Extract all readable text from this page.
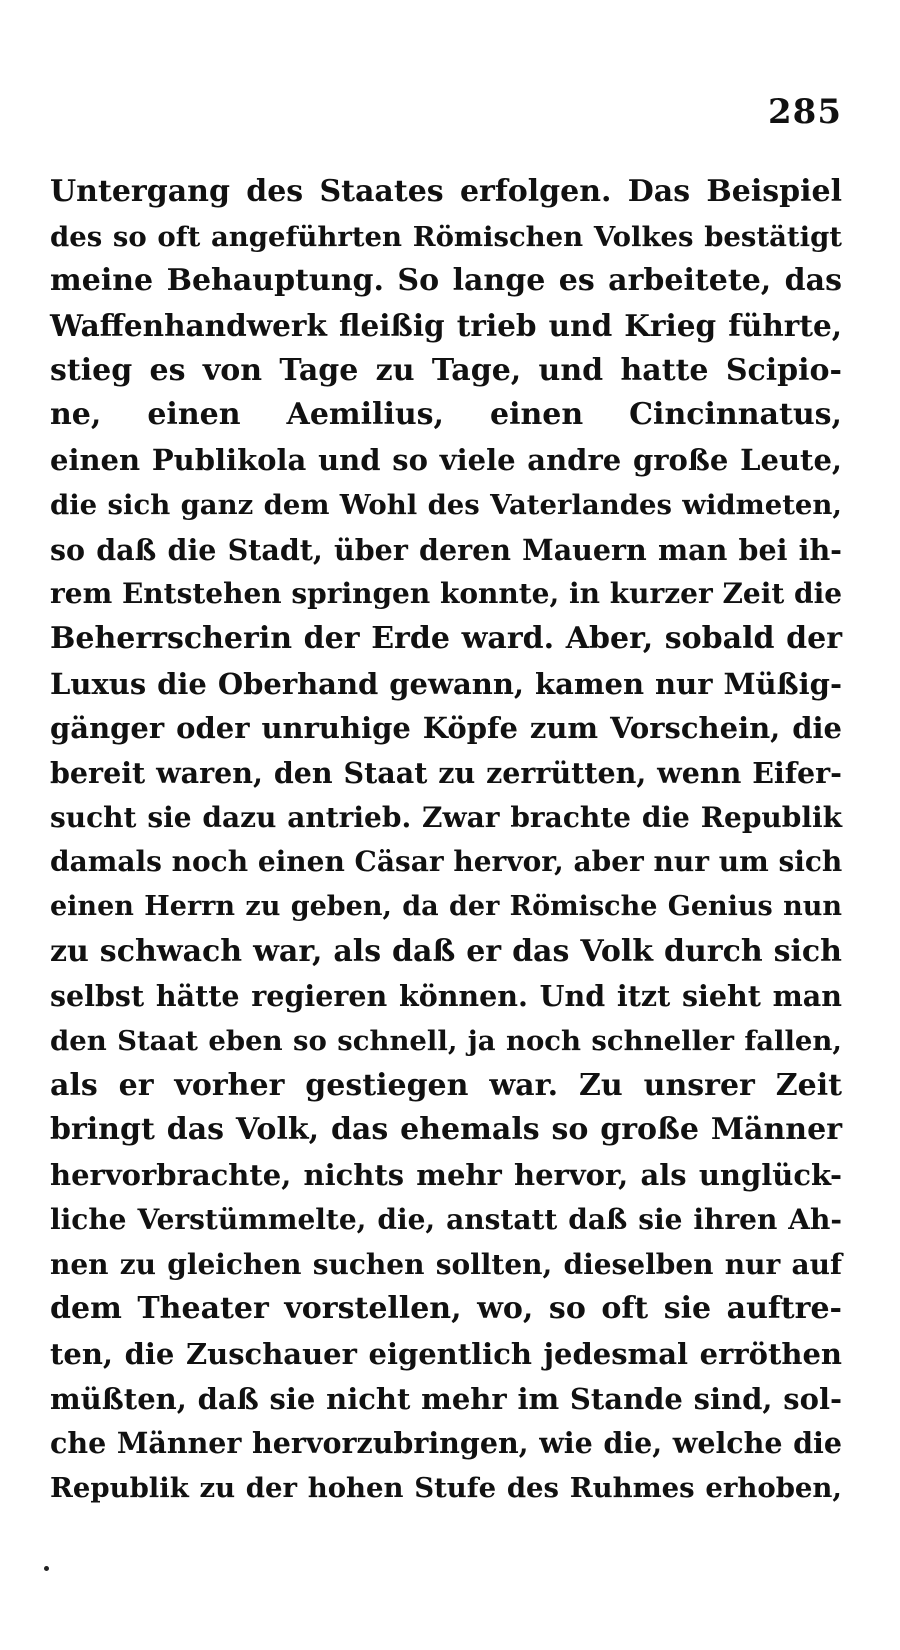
285
Untergang des Staates erfolgen. Das Beispiel
des so oft angeführten Römischen Volkes bestätigt
meine Behauptung. So lange es arbeitete, das
Waffenhandwerk fleißig trieb und Krieg führte,
stieg es von Tage zu Tage, und hatte Scipio-
ne, einen Aemilius, einen Cincinnatus,
einen Publikola und so viele andre große Leute,
die sich ganz dem Wohl des Vaterlandes widmeten,
so daß die Stadt, über deren Mauern man bei ih-
rem Entstehen springen konnte, in kurzer Zeit die
Beherrscherin der Erde ward. Aber, sobald der
Luxus die Oberhand gewann, kamen nur Müßig-
gänger oder unruhige Köpfe zum Vorschein, die
bereit waren, den Staat zu zerrütten, wenn Eifer-
sucht sie dazu antrieb. Zwar brachte die Republik
damals noch einen Cäsar hervor, aber nur um sich
einen Herrn zu geben, da der Römische Genius nun
zu schwach war, als daß er das Volk durch sich
selbst hätte regieren können. Und itzt sieht man
den Staat eben so schnell, ja noch schneller fallen,
als er vorher gestiegen war. Zu unsrer Zeit
bringt das Volk, das ehemals so große Männer
hervorbrachte, nichts mehr hervor, als unglück-
liche Verstümmelte, die, anstatt daß sie ihren Ah-
nen zu gleichen suchen sollten, dieselben nur auf
dem Theater vorstellen, wo, so oft sie auftre-
ten, die Zuschauer eigentlich jedesmal erröthen
müßten, daß sie nicht mehr im Stande sind, sol-
che Männer hervorzubringen, wie die, welche die
Republik zu der hohen Stufe des Ruhmes erhoben,
